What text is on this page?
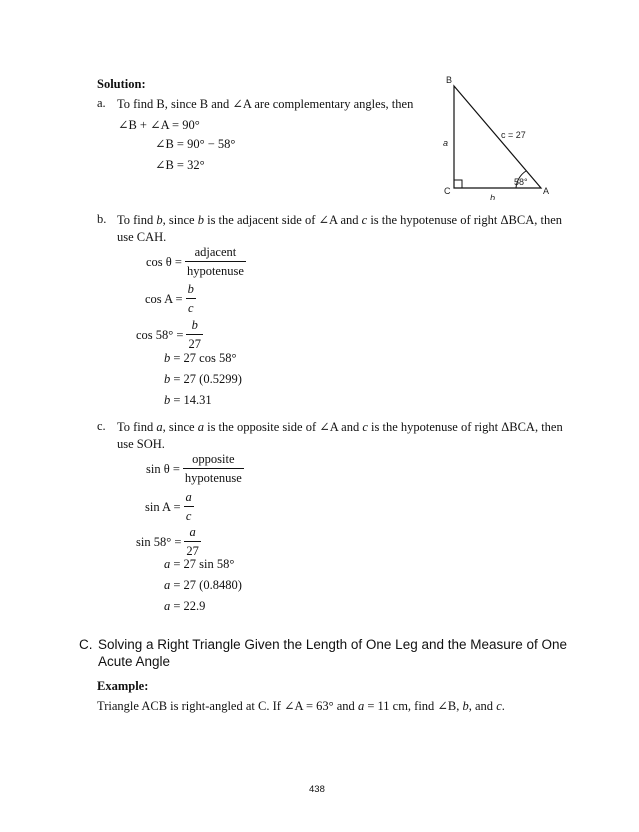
Solution:
a. To find B, since B and ∠A are complementary angles, then
∠B + ∠A = 90°
∠B = 90° − 58°
∠B = 32°
B
C	A
a
b
c = 27
58°
b. To find b, since b is the adjacent side of ∠A and c is the hypotenuse of right ΔBCA, then
use CAH.
$\cos \theta = \frac{\text{adjacent}}{\text{hypotenuse}}$
$\cos A = \frac{b}{c}$
$\cos 58^\circ = \frac{b}{27}$
b = 27 cos 58°
b = 27 (0.5299)
b = 14.31
c. To find a, since a is the opposite side of ∠A and c is the hypotenuse of right ΔBCA, then
use SOH.
$\sin \theta = \frac{\text{opposite}}{\text{hypotenuse}}$
$\sin A = \frac{a}{c}$
$\sin 58^\circ = \frac{a}{27}$
a = 27 sin 58°
a = 27 (0.8480)
a = 22.9
C. Solving a Right Triangle Given the Length of One Leg and the Measure of One
Acute Angle
Example:
Triangle ACB is right-angled at C. If ∠A = 63° and a = 11 cm, find ∠B, b, and c.
438
